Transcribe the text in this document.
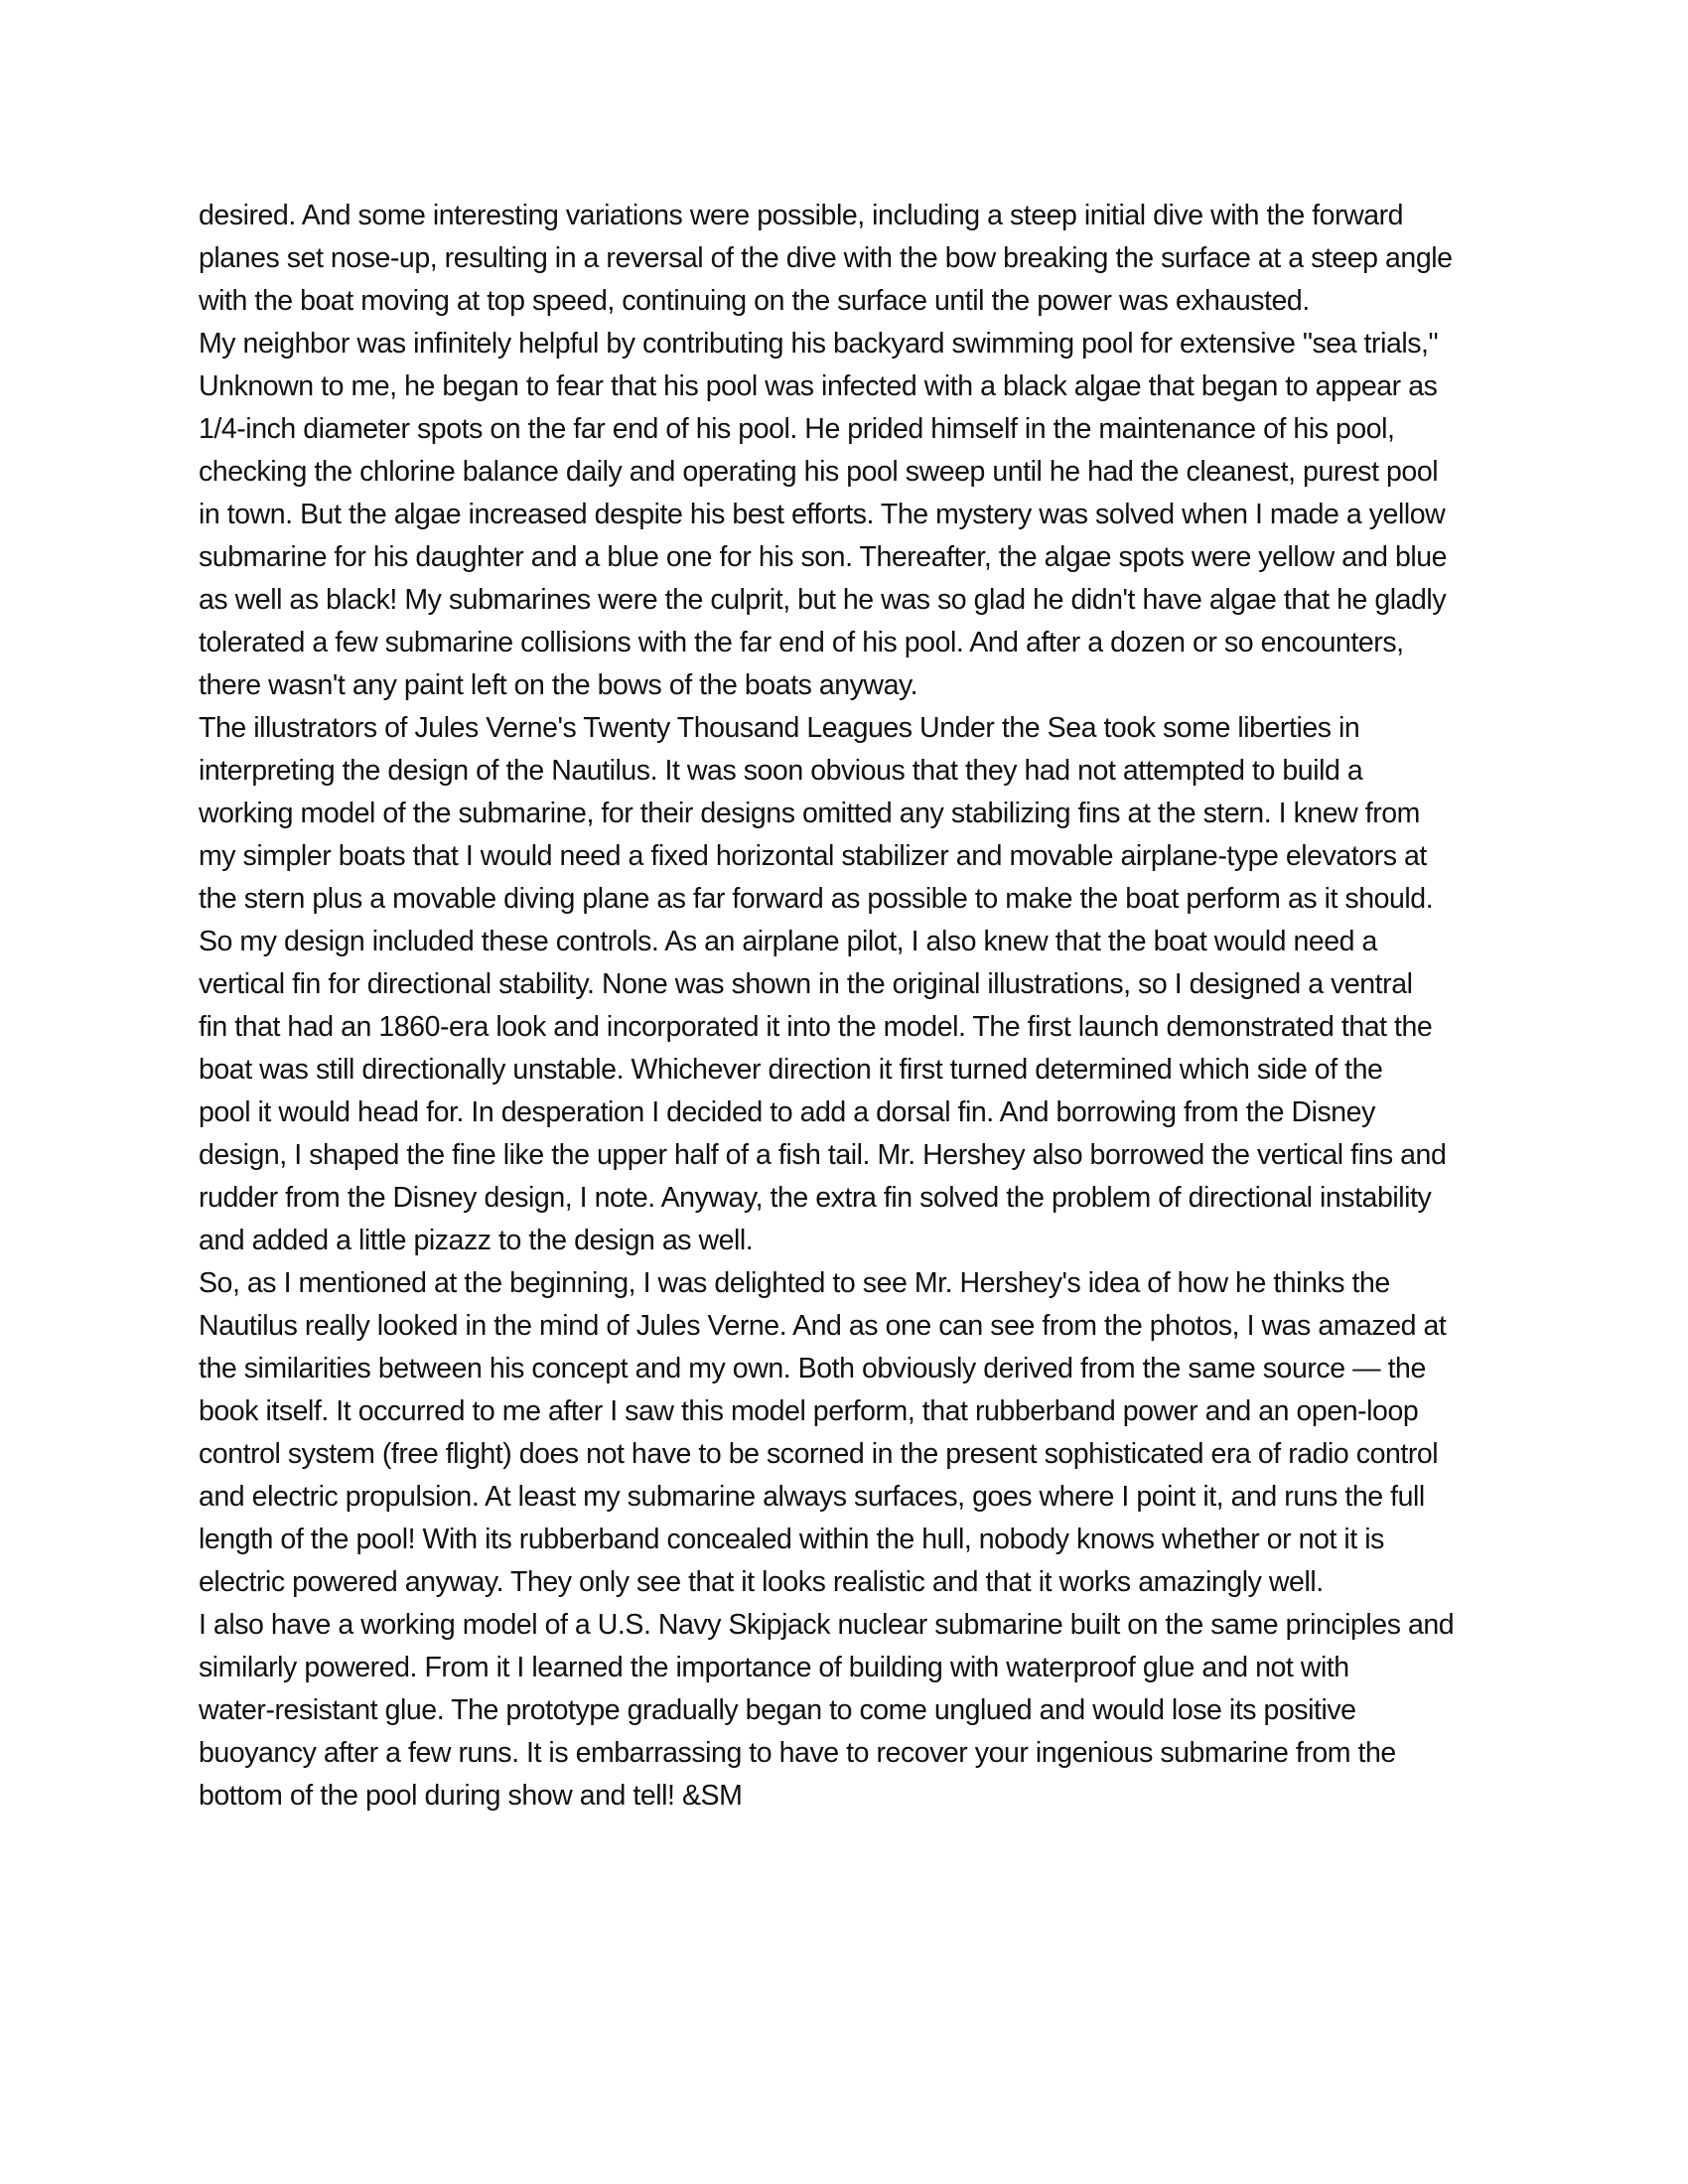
desired. And some interesting variations were possible, including a steep initial dive with the forward
planes set nose-up, resulting in a reversal of the dive with the bow breaking the surface at a steep angle
with the boat moving at top speed, continuing on the surface until the power was exhausted.
My neighbor was infinitely helpful by contributing his backyard swimming pool for extensive "sea trials,"
Unknown to me, he began to fear that his pool was infected with a black algae that began to appear as
1/4-inch diameter spots on the far end of his pool. He prided himself in the maintenance of his pool,
checking the chlorine balance daily and operating his pool sweep until he had the cleanest, purest pool
in town. But the algae increased despite his best efforts. The mystery was solved when I made a yellow
submarine for his daughter and a blue one for his son. Thereafter, the algae spots were yellow and blue
as well as black! My submarines were the culprit, but he was so glad he didn't have algae that he gladly
tolerated a few submarine collisions with the far end of his pool. And after a dozen or so encounters,
there wasn't any paint left on the bows of the boats anyway.
The illustrators of Jules Verne's Twenty Thousand Leagues Under the Sea took some liberties in
interpreting the design of the Nautilus. It was soon obvious that they had not attempted to build a
working model of the submarine, for their designs omitted any stabilizing fins at the stern. I knew from
my simpler boats that I would need a fixed horizontal stabilizer and movable airplane-type elevators at
the stern plus a movable diving plane as far forward as possible to make the boat perform as it should.
So my design included these controls. As an airplane pilot, I also knew that the boat would need a
vertical fin for directional stability. None was shown in the original illustrations, so I designed a ventral
fin that had an 1860-era look and incorporated it into the model. The first launch demonstrated that the
boat was still directionally unstable. Whichever direction it first turned determined which side of the
pool it would head for. In desperation I decided to add a dorsal fin. And borrowing from the Disney
design, I shaped the fine like the upper half of a fish tail. Mr. Hershey also borrowed the vertical fins and
rudder from the Disney design, I note. Anyway, the extra fin solved the problem of directional instability
and added a little pizazz to the design as well.
So, as I mentioned at the beginning, I was delighted to see Mr. Hershey's idea of how he thinks the
Nautilus really looked in the mind of Jules Verne. And as one can see from the photos, I was amazed at
the similarities between his concept and my own. Both obviously derived from the same source — the
book itself. It occurred to me after I saw this model perform, that rubberband power and an open-loop
control system (free flight) does not have to be scorned in the present sophisticated era of radio control
and electric propulsion. At least my submarine always surfaces, goes where I point it, and runs the full
length of the pool! With its rubberband concealed within the hull, nobody knows whether or not it is
electric powered anyway. They only see that it looks realistic and that it works amazingly well.
I also have a working model of a U.S. Navy Skipjack nuclear submarine built on the same principles and
similarly powered. From it I learned the importance of building with waterproof glue and not with
water-resistant glue. The prototype gradually began to come unglued and would lose its positive
buoyancy after a few runs. It is embarrassing to have to recover your ingenious submarine from the
bottom of the pool during show and tell! &SM
